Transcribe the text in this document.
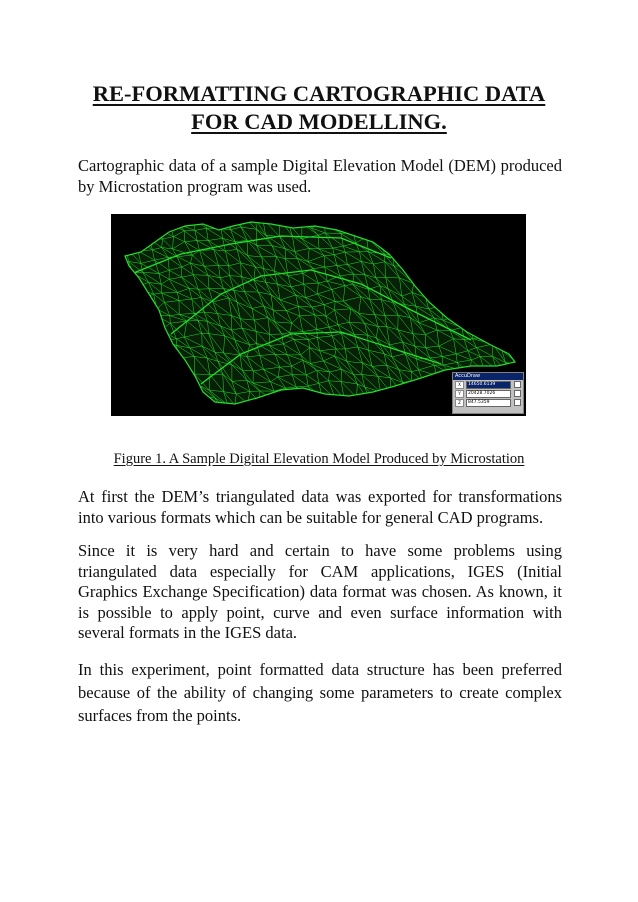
RE-FORMATTING CARTOGRAPHIC DATA
FOR CAD MODELLING.
Cartographic data of a sample Digital Elevation Model (DEM) produced by Microstation program was used.
AccuDraw
X	14650.6139
Y	20428.7026
Z	847.5359
Figure 1. A Sample Digital Elevation Model Produced by Microstation
At first the DEM’s triangulated data was exported for transformations into various formats which can be suitable for general CAD programs.
Since it is very hard and certain to have some problems using triangulated data especially for CAM applications, IGES (Initial Graphics Exchange Specification) data format was chosen. As known, it is possible to apply point, curve and even surface information with several formats in the IGES data.
In this experiment, point formatted data structure has been preferred because of the ability of changing some parameters to create complex surfaces from the points.
